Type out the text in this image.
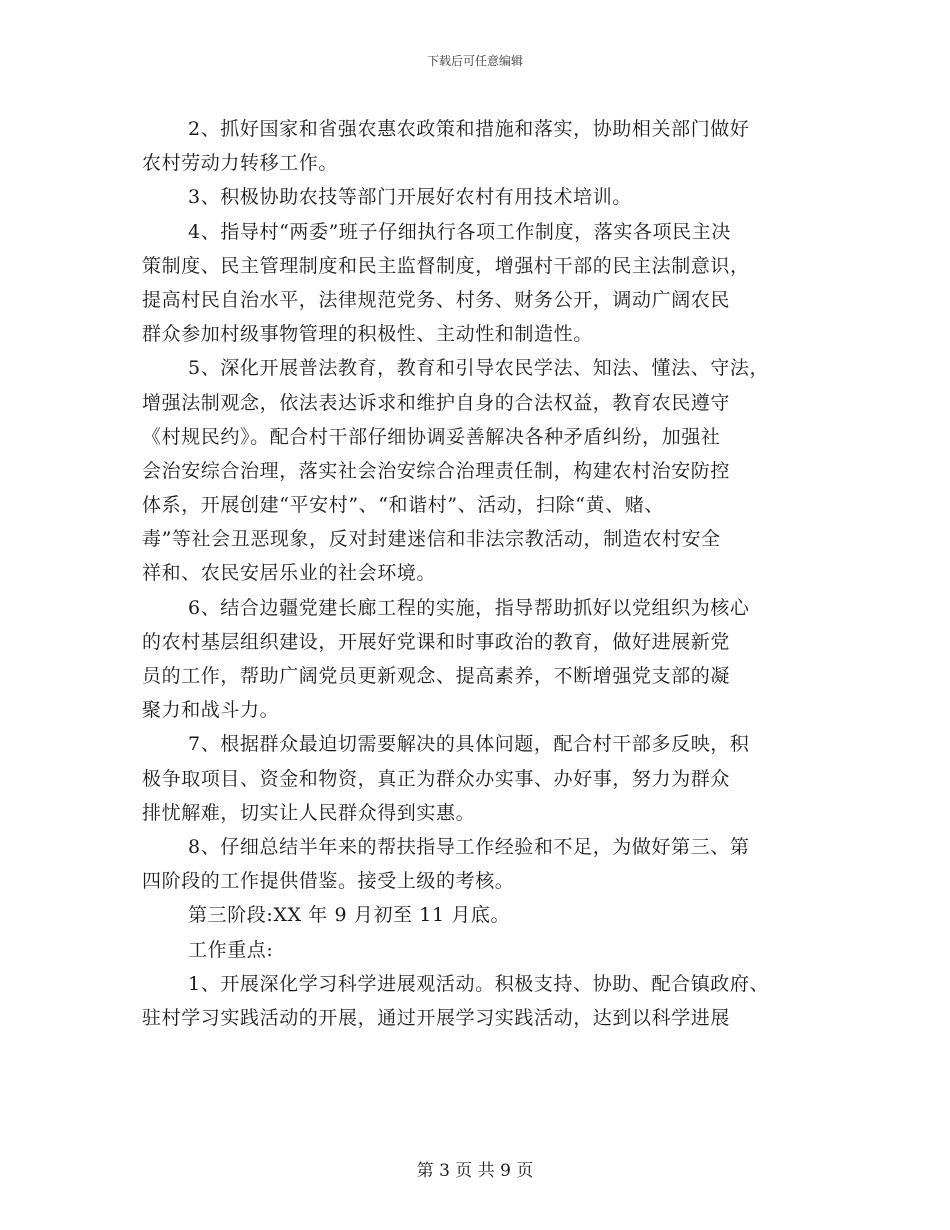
下载后可任意编辑
2、抓好国家和省强农惠农政策和措施和落实，协助相关部门做好
农村劳动力转移工作。
3、积极协助农技等部门开展好农村有用技术培训。
4、指导村“两委”班子仔细执行各项工作制度，落实各项民主决
策制度、民主管理制度和民主监督制度，增强村干部的民主法制意识，
提高村民自治水平，法律规范党务、村务、财务公开，调动广阔农民
群众参加村级事物管理的积极性、主动性和制造性。
5、深化开展普法教育，教育和引导农民学法、知法、懂法、守法，
增强法制观念，依法表达诉求和维护自身的合法权益，教育农民遵守
《村规民约》。配合村干部仔细协调妥善解决各种矛盾纠纷，加强社
会治安综合治理，落实社会治安综合治理责任制，构建农村治安防控
体系，开展创建“平安村”、“和谐村”、活动，扫除“黄、赌、
毒”等社会丑恶现象，反对封建迷信和非法宗教活动，制造农村安全
祥和、农民安居乐业的社会环境。
6、结合边疆党建长廊工程的实施，指导帮助抓好以党组织为核心
的农村基层组织建设，开展好党课和时事政治的教育，做好进展新党
员的工作，帮助广阔党员更新观念、提高素养，不断增强党支部的凝
聚力和战斗力。
7、根据群众最迫切需要解决的具体问题，配合村干部多反映，积
极争取项目、资金和物资，真正为群众办实事、办好事，努力为群众
排忧解难，切实让人民群众得到实惠。
8、仔细总结半年来的帮扶指导工作经验和不足，为做好第三、第
四阶段的工作提供借鉴。接受上级的考核。
第三阶段:XX 年 9 月初至 11 月底。
工作重点:
1、开展深化学习科学进展观活动。积极支持、协助、配合镇政府、
驻村学习实践活动的开展，通过开展学习实践活动，达到以科学进展
第 3 页 共 9 页
